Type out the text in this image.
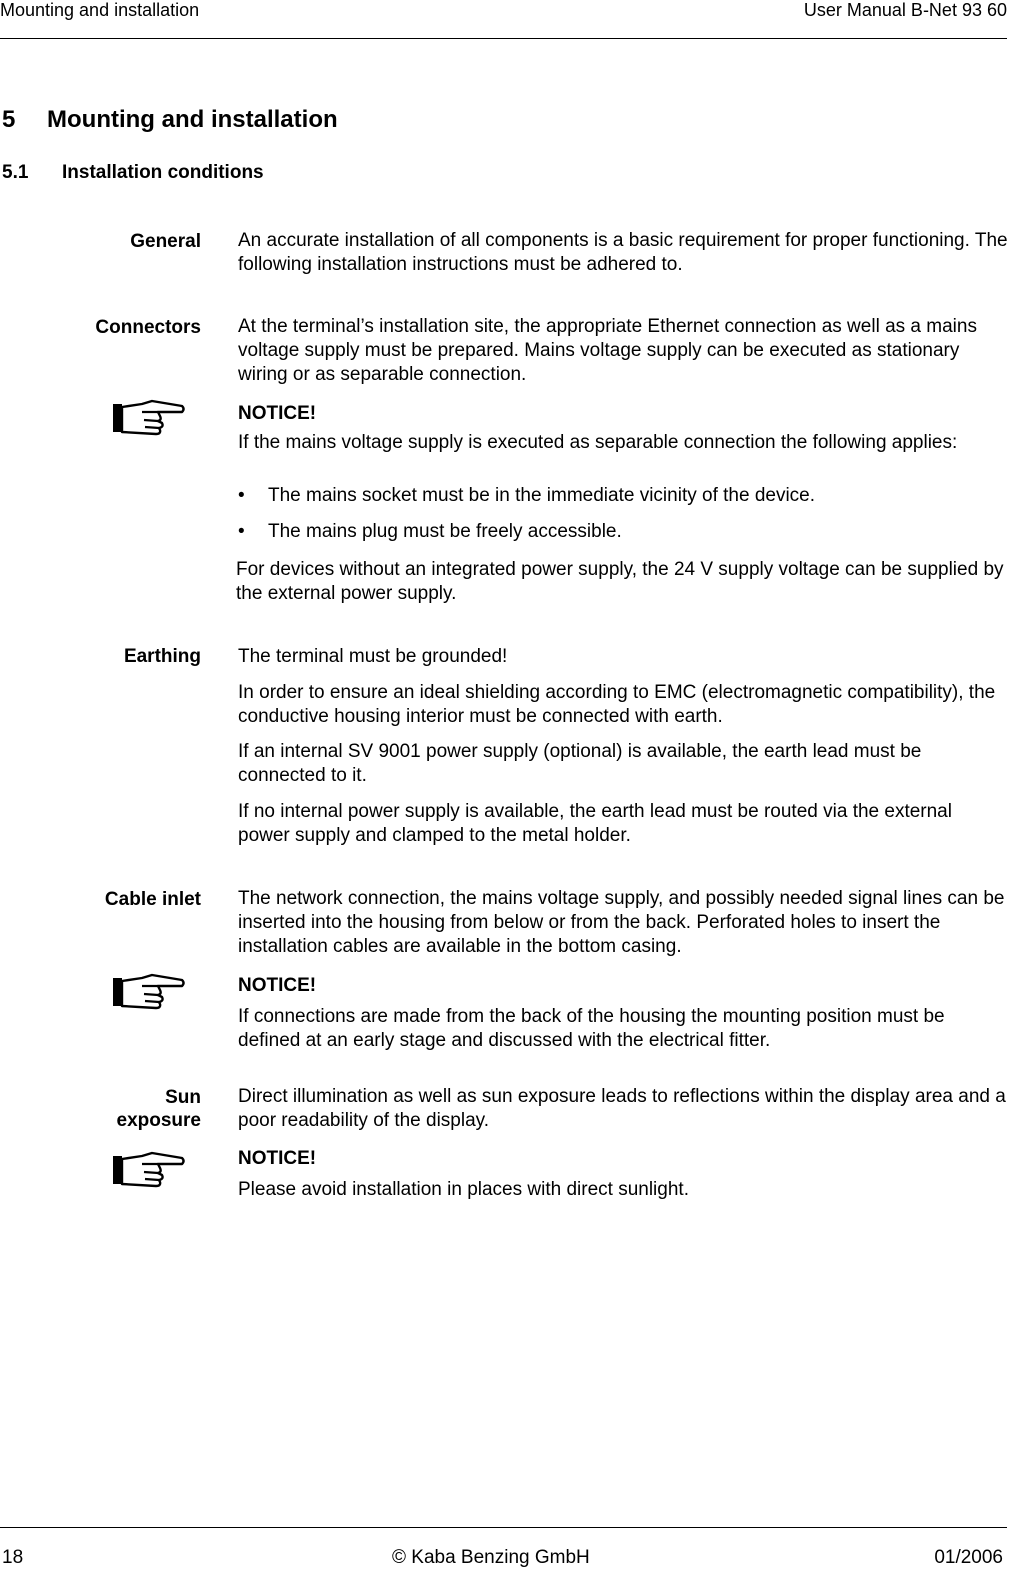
Mounting and installation	User Manual B-Net 93 60
5 Mounting and installation
5.1 Installation conditions
General An accurate installation of all components is a basic requirement for proper functioning. The following installation instructions must be adhered to.
Connectors At the terminal’s installation site, the appropriate Ethernet connection as well as a mains voltage supply must be prepared. Mains voltage supply can be executed as stationary wiring or as separable connection.
NOTICE!
If the mains voltage supply is executed as separable connection the following applies:
• The mains socket must be in the immediate vicinity of the device.
• The mains plug must be freely accessible.
For devices without an integrated power supply, the 24 V supply voltage can be supplied by the external power supply.
Earthing The terminal must be grounded!
In order to ensure an ideal shielding according to EMC (electromagnetic compatibility), the conductive housing interior must be connected with earth.
If an internal SV 9001 power supply (optional) is available, the earth lead must be connected to it.
If no internal power supply is available, the earth lead must be routed via the external power supply and clamped to the metal holder.
Cable inlet The network connection, the mains voltage supply, and possibly needed signal lines can be inserted into the housing from below or from the back. Perforated holes to insert the installation cables are available in the bottom casing.
NOTICE!
If connections are made from the back of the housing the mounting position must be defined at an early stage and discussed with the electrical fitter.
Sun
exposure
Direct illumination as well as sun exposure leads to reflections within the display area and a poor readability of the display.
NOTICE!
Please avoid installation in places with direct sunlight.
18	© Kaba Benzing GmbH	01/2006
